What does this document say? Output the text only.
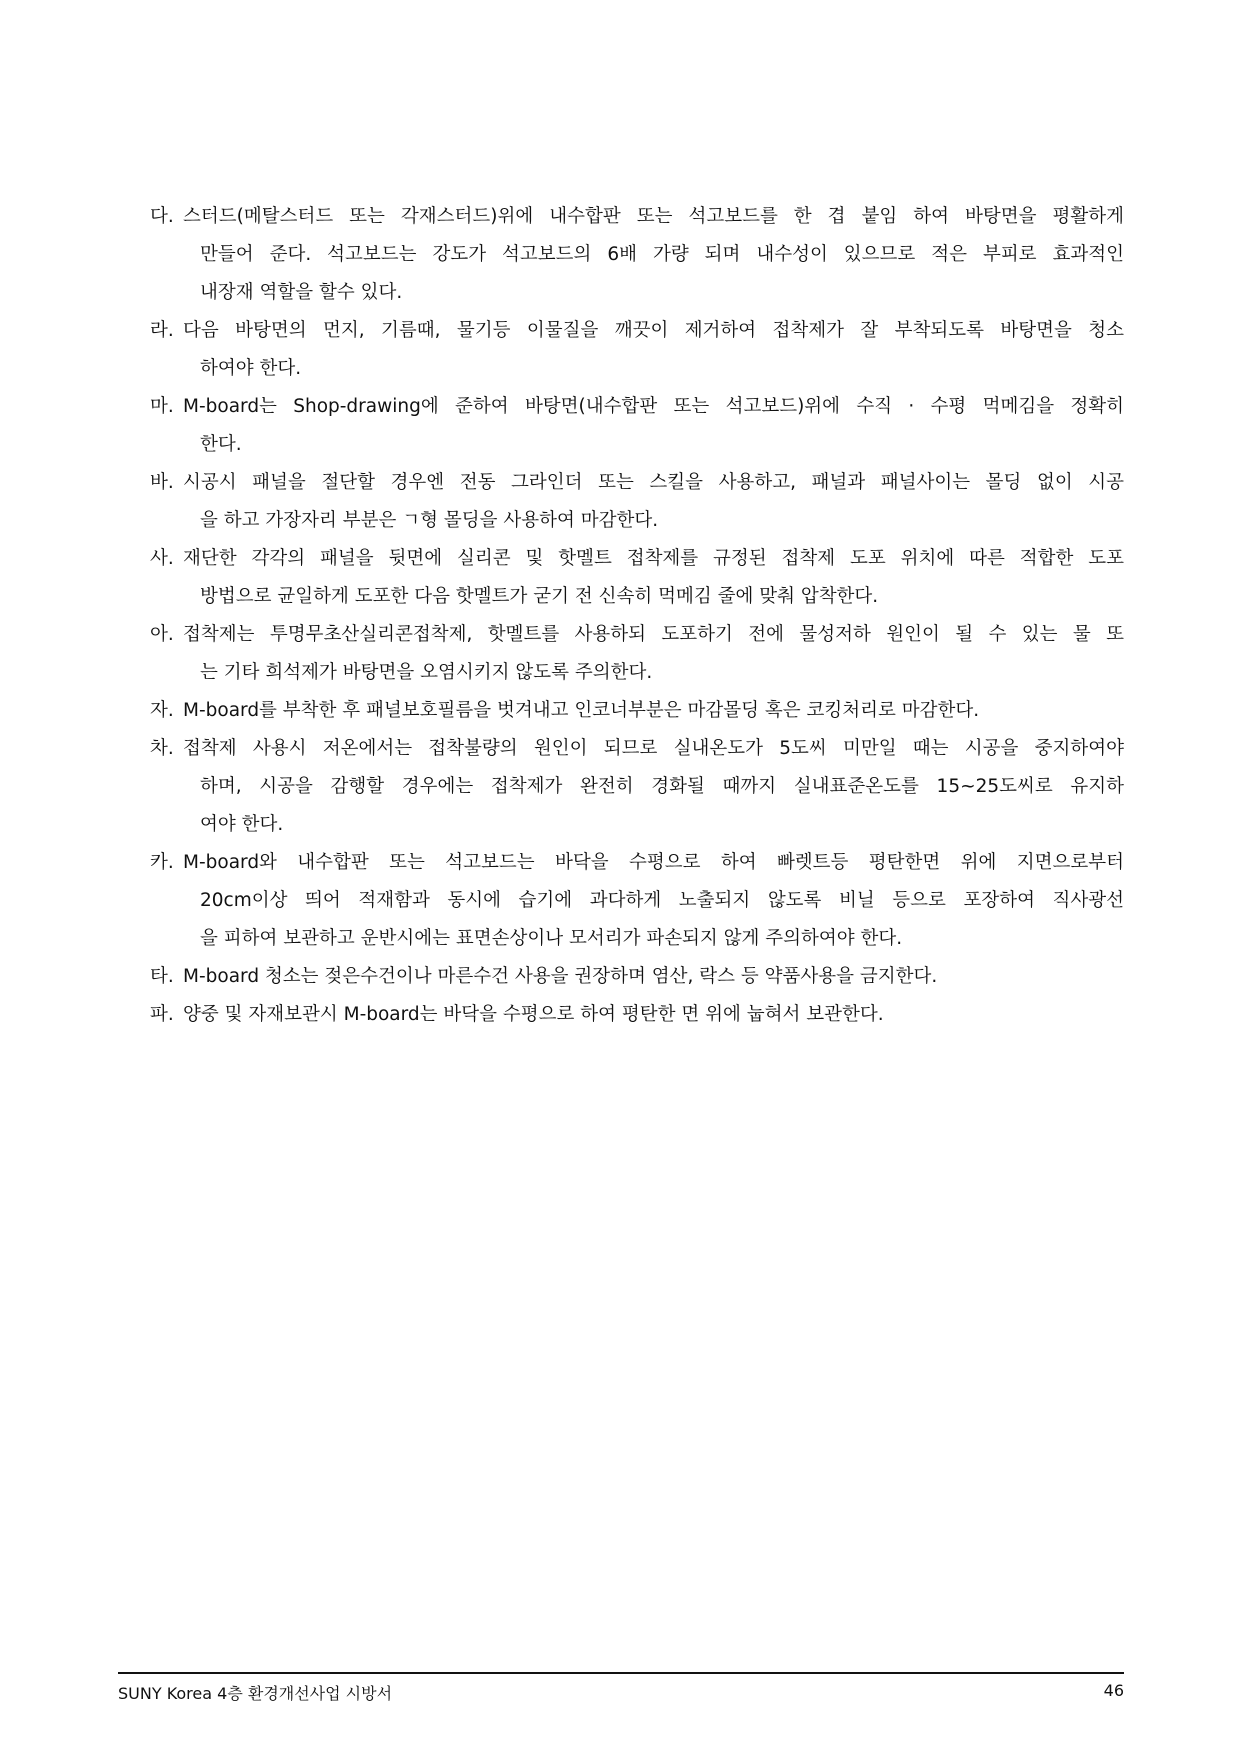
다. 스터드(메탈스터드 또는 각재스터드)위에 내수합판 또는 석고보드를 한 겹 붙임 하여 바탕면을 평활하게
만들어 준다. 석고보드는 강도가 석고보드의 6배 가량 되며 내수성이 있으므로 적은 부피로 효과적인
내장재 역할을 할수 있다.
라. 다음 바탕면의 먼지, 기름때, 물기등 이물질을 깨끗이 제거하여 접착제가 잘 부착되도록 바탕면을 청소
하여야 한다.
마. M-board는 Shop-drawing에 준하여 바탕면(내수합판 또는 석고보드)위에 수직 · 수평 먹메김을 정확히
한다.
바. 시공시 패널을 절단할 경우엔 전동 그라인더 또는 스킬을 사용하고, 패널과 패널사이는 몰딩 없이 시공
을 하고 가장자리 부분은 ㄱ형 몰딩을 사용하여 마감한다.
사. 재단한 각각의 패널을 뒷면에 실리콘 및 핫멜트 접착제를 규정된 접착제 도포 위치에 따른 적합한 도포
방법으로 균일하게 도포한 다음 핫멜트가 굳기 전 신속히 먹메김 줄에 맞춰 압착한다.
아. 접착제는 투명무초산실리콘접착제, 핫멜트를 사용하되 도포하기 전에 물성저하 원인이 될 수 있는 물 또
는 기타 희석제가 바탕면을 오염시키지 않도록 주의한다.
자. M-board를 부착한 후 패널보호필름을 벗겨내고 인코너부분은 마감몰딩 혹은 코킹처리로 마감한다.
차. 접착제 사용시 저온에서는 접착불량의 원인이 되므로 실내온도가 5도씨 미만일 때는 시공을 중지하여야
하며, 시공을 감행할 경우에는 접착제가 완전히 경화될 때까지 실내표준온도를 15~25도씨로 유지하
여야 한다.
카. M-board와 내수합판 또는 석고보드는 바닥을 수평으로 하여 빠렛트등 평탄한면 위에 지면으로부터
20cm이상 띄어 적재함과 동시에 습기에 과다하게 노출되지 않도록 비닐 등으로 포장하여 직사광선
을 피하여 보관하고 운반시에는 표면손상이나 모서리가 파손되지 않게 주의하여야 한다.
타. M-board 청소는 젖은수건이나 마른수건 사용을 권장하며 염산, 락스 등 약품사용을 금지한다.
파. 양중 및 자재보관시 M-board는 바닥을 수평으로 하여 평탄한 면 위에 눕혀서 보관한다.
SUNY Korea 4층 환경개선사업 시방서	46
